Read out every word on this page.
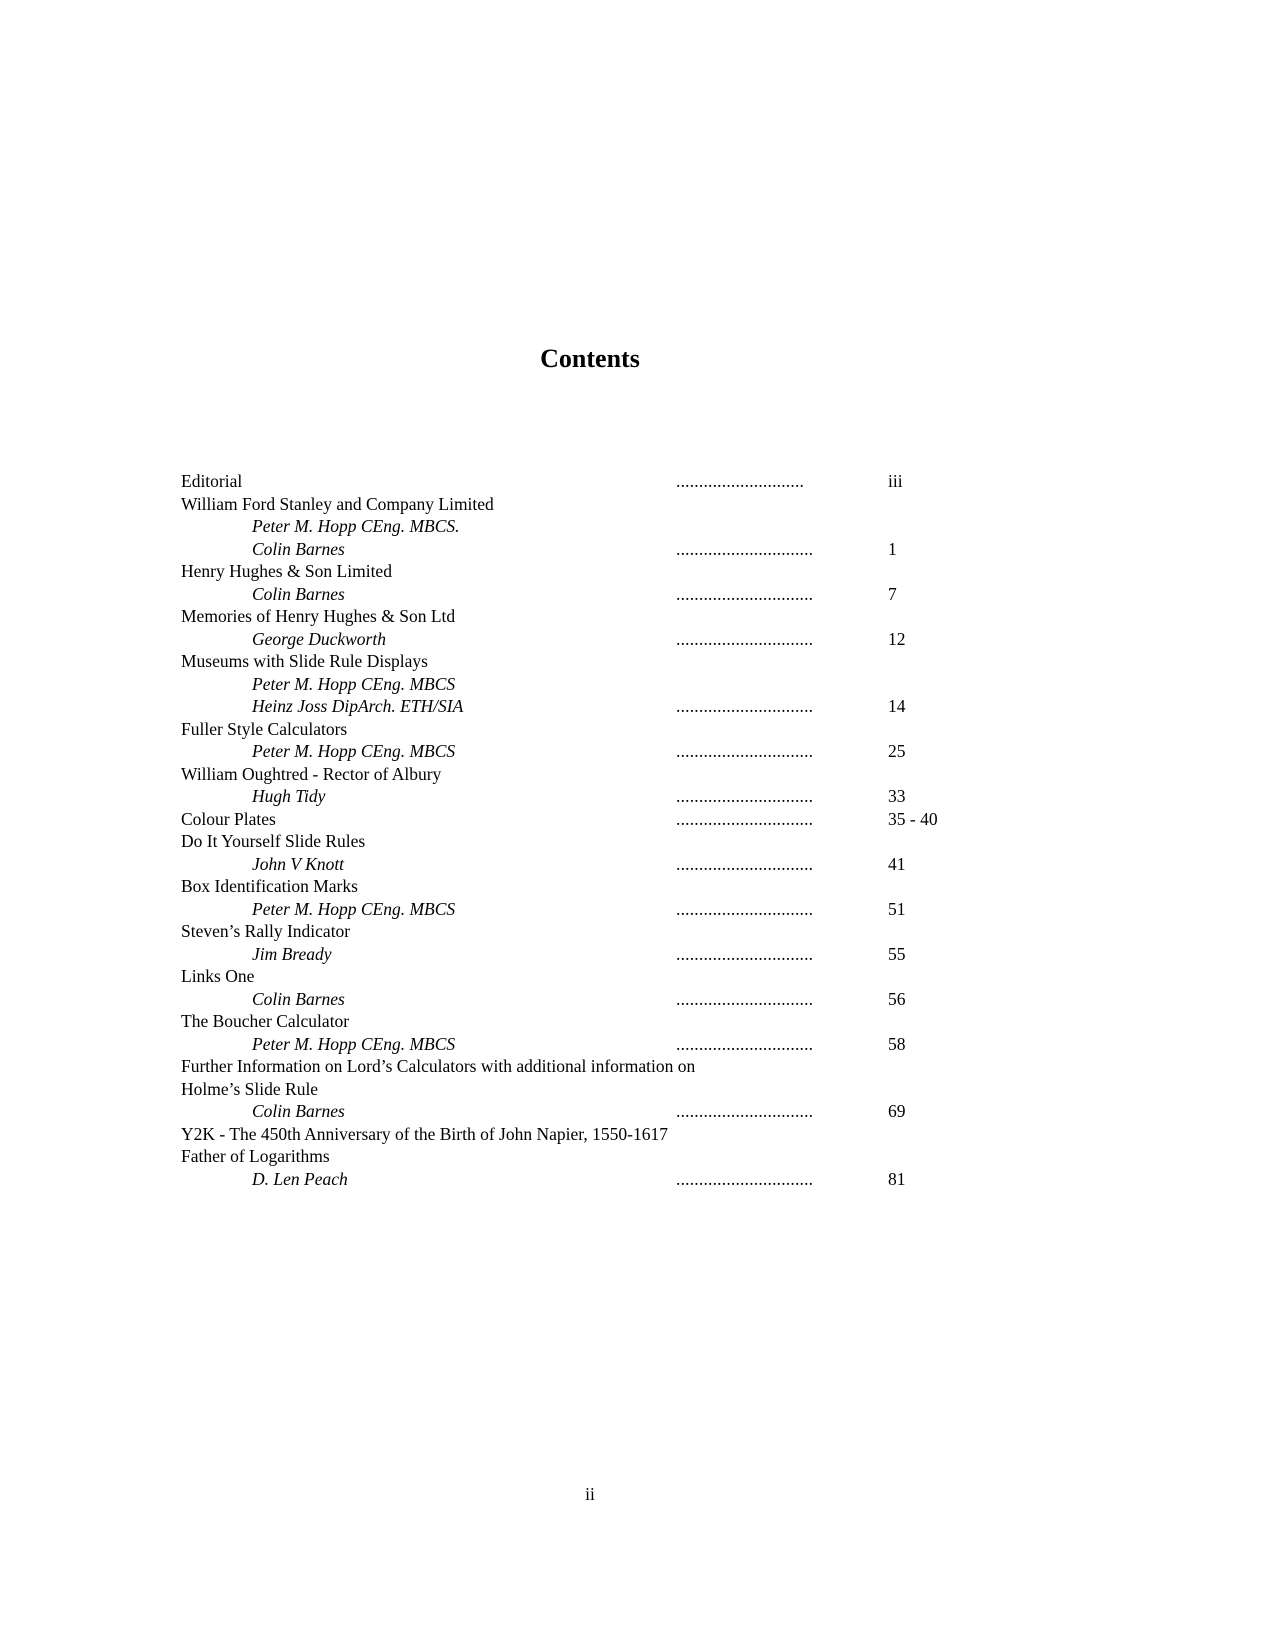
Contents
Editorial	............................	iii
William Ford Stanley and Company Limited
Peter M. Hopp CEng. MBCS.
Colin Barnes	..............................	1
Henry Hughes & Son Limited
Colin Barnes	..............................	7
Memories of Henry Hughes & Son Ltd
George Duckworth	..............................	12
Museums with Slide Rule Displays
Peter M. Hopp CEng. MBCS
Heinz Joss DipArch. ETH/SIA	..............................	14
Fuller Style Calculators
Peter M. Hopp CEng. MBCS	..............................	25
William Oughtred - Rector of Albury
Hugh Tidy	..............................	33
Colour Plates	..............................	35 - 40
Do It Yourself Slide Rules
John V Knott	..............................	41
Box Identification Marks
Peter M. Hopp CEng. MBCS	..............................	51
Steven’s Rally Indicator
Jim Bready	..............................	55
Links One
Colin Barnes	..............................	56
The Boucher Calculator
Peter M. Hopp CEng. MBCS	..............................	58
Further Information on Lord’s Calculators with additional information on
Holme’s Slide Rule
Colin Barnes	..............................	69
Y2K - The 450th Anniversary of the Birth of John Napier, 1550-1617
Father of Logarithms
D. Len Peach	..............................	81
ii
